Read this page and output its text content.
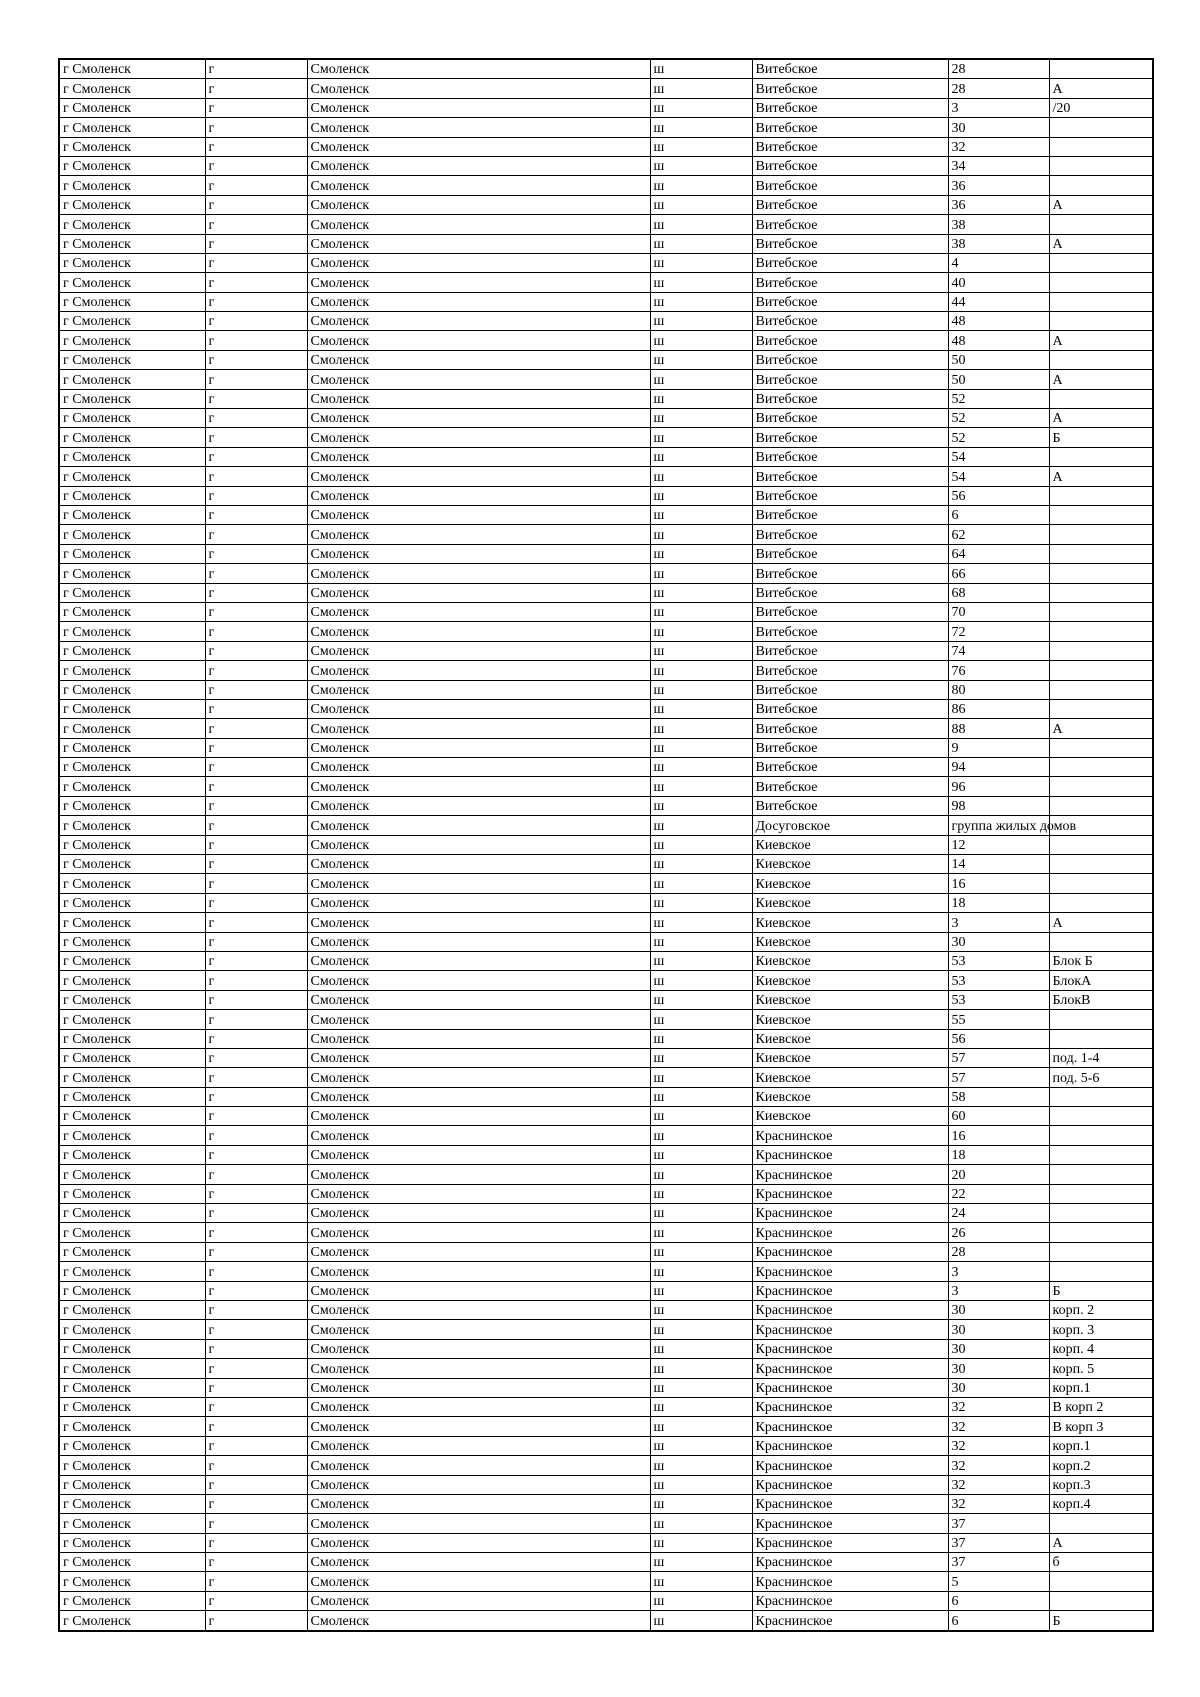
г Смоленск	г	Смоленск	ш	Витебское	28	
г Смоленск	г	Смоленск	ш	Витебское	28	А
г Смоленск	г	Смоленск	ш	Витебское	3	/20
г Смоленск	г	Смоленск	ш	Витебское	30	
г Смоленск	г	Смоленск	ш	Витебское	32	
г Смоленск	г	Смоленск	ш	Витебское	34	
г Смоленск	г	Смоленск	ш	Витебское	36	
г Смоленск	г	Смоленск	ш	Витебское	36	А
г Смоленск	г	Смоленск	ш	Витебское	38	
г Смоленск	г	Смоленск	ш	Витебское	38	А
г Смоленск	г	Смоленск	ш	Витебское	4	
г Смоленск	г	Смоленск	ш	Витебское	40	
г Смоленск	г	Смоленск	ш	Витебское	44	
г Смоленск	г	Смоленск	ш	Витебское	48	
г Смоленск	г	Смоленск	ш	Витебское	48	А
г Смоленск	г	Смоленск	ш	Витебское	50	
г Смоленск	г	Смоленск	ш	Витебское	50	А
г Смоленск	г	Смоленск	ш	Витебское	52	
г Смоленск	г	Смоленск	ш	Витебское	52	А
г Смоленск	г	Смоленск	ш	Витебское	52	Б
г Смоленск	г	Смоленск	ш	Витебское	54	
г Смоленск	г	Смоленск	ш	Витебское	54	А
г Смоленск	г	Смоленск	ш	Витебское	56	
г Смоленск	г	Смоленск	ш	Витебское	6	
г Смоленск	г	Смоленск	ш	Витебское	62	
г Смоленск	г	Смоленск	ш	Витебское	64	
г Смоленск	г	Смоленск	ш	Витебское	66	
г Смоленск	г	Смоленск	ш	Витебское	68	
г Смоленск	г	Смоленск	ш	Витебское	70	
г Смоленск	г	Смоленск	ш	Витебское	72	
г Смоленск	г	Смоленск	ш	Витебское	74	
г Смоленск	г	Смоленск	ш	Витебское	76	
г Смоленск	г	Смоленск	ш	Витебское	80	
г Смоленск	г	Смоленск	ш	Витебское	86	
г Смоленск	г	Смоленск	ш	Витебское	88	А
г Смоленск	г	Смоленск	ш	Витебское	9	
г Смоленск	г	Смоленск	ш	Витебское	94	
г Смоленск	г	Смоленск	ш	Витебское	96	
г Смоленск	г	Смоленск	ш	Витебское	98	
г Смоленск	г	Смоленск	ш	Досуговское	группа жилых домов	
г Смоленск	г	Смоленск	ш	Киевское	12	
г Смоленск	г	Смоленск	ш	Киевское	14	
г Смоленск	г	Смоленск	ш	Киевское	16	
г Смоленск	г	Смоленск	ш	Киевское	18	
г Смоленск	г	Смоленск	ш	Киевское	3	А
г Смоленск	г	Смоленск	ш	Киевское	30	
г Смоленск	г	Смоленск	ш	Киевское	53	Блок Б
г Смоленск	г	Смоленск	ш	Киевское	53	БлокА
г Смоленск	г	Смоленск	ш	Киевское	53	БлокВ
г Смоленск	г	Смоленск	ш	Киевское	55	
г Смоленск	г	Смоленск	ш	Киевское	56	
г Смоленск	г	Смоленск	ш	Киевское	57	под. 1-4
г Смоленск	г	Смоленск	ш	Киевское	57	под. 5-6
г Смоленск	г	Смоленск	ш	Киевское	58	
г Смоленск	г	Смоленск	ш	Киевское	60	
г Смоленск	г	Смоленск	ш	Краснинское	16	
г Смоленск	г	Смоленск	ш	Краснинское	18	
г Смоленск	г	Смоленск	ш	Краснинское	20	
г Смоленск	г	Смоленск	ш	Краснинское	22	
г Смоленск	г	Смоленск	ш	Краснинское	24	
г Смоленск	г	Смоленск	ш	Краснинское	26	
г Смоленск	г	Смоленск	ш	Краснинское	28	
г Смоленск	г	Смоленск	ш	Краснинское	3	
г Смоленск	г	Смоленск	ш	Краснинское	3	Б
г Смоленск	г	Смоленск	ш	Краснинское	30	корп. 2
г Смоленск	г	Смоленск	ш	Краснинское	30	корп. 3
г Смоленск	г	Смоленск	ш	Краснинское	30	корп. 4
г Смоленск	г	Смоленск	ш	Краснинское	30	корп. 5
г Смоленск	г	Смоленск	ш	Краснинское	30	корп.1
г Смоленск	г	Смоленск	ш	Краснинское	32	В корп 2
г Смоленск	г	Смоленск	ш	Краснинское	32	В корп 3
г Смоленск	г	Смоленск	ш	Краснинское	32	корп.1
г Смоленск	г	Смоленск	ш	Краснинское	32	корп.2
г Смоленск	г	Смоленск	ш	Краснинское	32	корп.3
г Смоленск	г	Смоленск	ш	Краснинское	32	корп.4
г Смоленск	г	Смоленск	ш	Краснинское	37	
г Смоленск	г	Смоленск	ш	Краснинское	37	А
г Смоленск	г	Смоленск	ш	Краснинское	37	б
г Смоленск	г	Смоленск	ш	Краснинское	5	
г Смоленск	г	Смоленск	ш	Краснинское	6	
г Смоленск	г	Смоленск	ш	Краснинское	6	Б
